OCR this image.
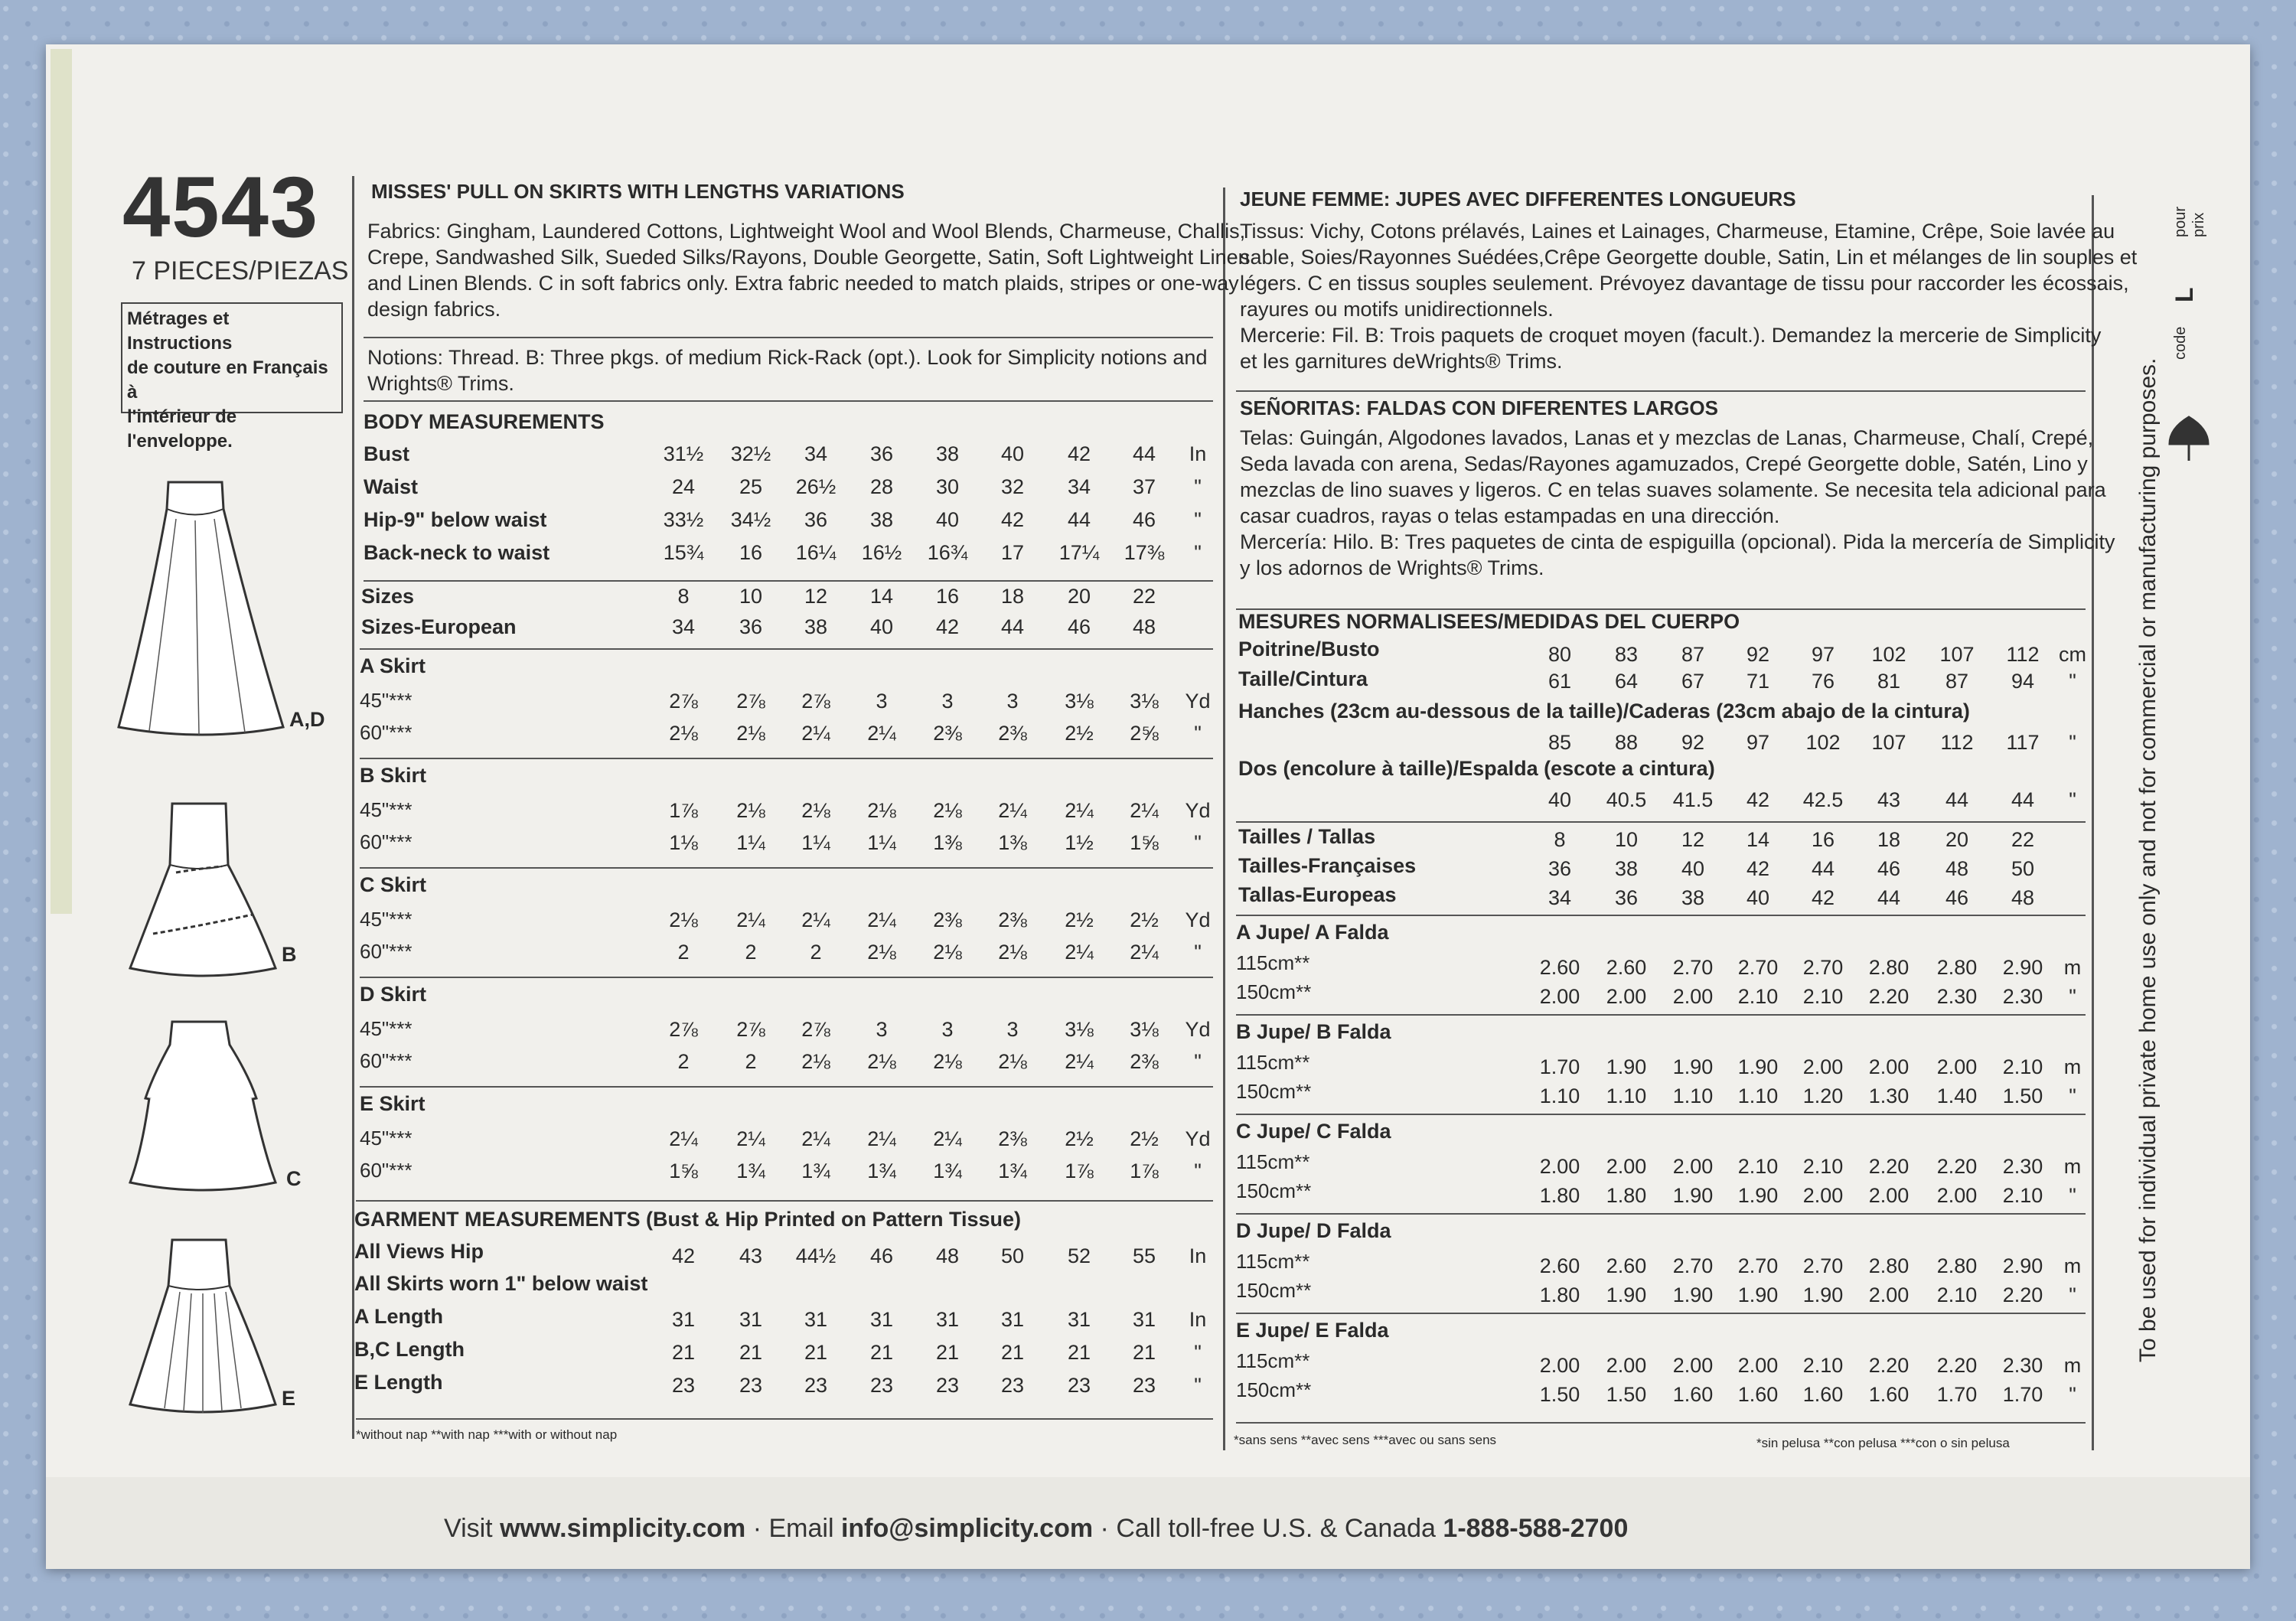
4543
7 PIECES/PIEZAS
Métrages et Instructions
de couture en Français à
l'intérieur de
l'enveloppe.
A,D
B
C
E
MISSES' PULL ON SKIRTS WITH LENGTHS VARIATIONS
Fabrics: Gingham, Laundered Cottons, Lightweight Wool and Wool Blends, Charmeuse, Challis,
Crepe, Sandwashed Silk, Sueded Silks/Rayons, Double Georgette, Satin, Soft Lightweight Linen
and Linen Blends. C in soft fabrics only. Extra fabric needed to match plaids, stripes or one-way
design fabrics.
Notions: Thread. B: Three pkgs. of medium Rick-Rack (opt.). Look for Simplicity notions and
Wrights® Trims.
*without nap **with nap ***with or without nap
JEUNE FEMME: JUPES AVEC DIFFERENTES LONGUEURS
Tissus: Vichy, Cotons prélavés, Laines et Lainages, Charmeuse, Etamine, Crêpe, Soie lavée au
sable, Soies/Rayonnes Suédées,Crêpe Georgette double, Satin, Lin et mélanges de lin souples et
légers. C en tissus souples seulement. Prévoyez davantage de tissu pour raccorder les écossais,
rayures ou motifs unidirectionnels.
Mercerie: Fil. B: Trois paquets de croquet moyen (facult.). Demandez la mercerie de Simplicity
et les garnitures deWrights® Trims.
SEÑORITAS: FALDAS CON DIFERENTES LARGOS
Telas: Guingán, Algodones lavados, Lanas et y mezclas de Lanas, Charmeuse, Chalí, Crepé,
Seda lavada con arena, Sedas/Rayones agamuzados, Crepé Georgette doble, Satén, Lino y
mezclas de lino suaves y ligeros. C en telas suaves solamente. Se necesita tela adicional para
casar cuadros, rayas o telas estampadas en una dirección.
Mercería: Hilo. B: Tres paquetes de cinta de espiguilla (opcional). Pida la mercería de Simplicity
y los adornos de Wrights® Trims.
*sans sens **avec sens ***avec ou sans sens	*sin pelusa **con pelusa ***con o sin pelusa
To be used for individual private home use only and not for commercial or manufacturing purposes.
pour prix
code
L
Visit www.simplicity.com · Email info@simplicity.com · Call toll-free U.S. & Canada 1-888-588-2700
BODY MEASUREMENTS
Bust	31½ 32½	34	36	38	40	42	44	In
Waist	24	25	26½	28	30	32	34	37	"
Hip-9" below waist	33½ 34½	36	38	40	42	44	46	"
Back-neck to waist	15¾	16	16¼ 16½ 16¾	17	17¼ 17⅜	"
Sizes	8	10	12	14	16	18	20	22
Sizes-European	34	36	38	40	42	44	46	48
A Skirt
45"***	2⅞	2⅞	2⅞	3	3	3	3⅛	3⅛	Yd
60"***	2⅛	2⅛	2¼	2¼	2⅜	2⅜	2½	2⅝	"
B Skirt
45"***	1⅞	2⅛	2⅛	2⅛	2⅛	2¼	2¼	2¼	Yd
60"***	1⅛	1¼	1¼	1¼	1⅜	1⅜	1½	1⅝	"
C Skirt
45"***	2⅛	2¼	2¼	2¼	2⅜	2⅜	2½	2½	Yd
60"***	2	2	2	2⅛	2⅛	2⅛	2¼	2¼	"
D Skirt
45"***	2⅞	2⅞	2⅞	3	3	3	3⅛	3⅛	Yd
60"***	2	2	2⅛	2⅛	2⅛	2⅛	2¼	2⅜	"
E Skirt
45"***	2¼	2¼	2¼	2¼	2¼	2⅜	2½	2½	Yd
60"***	1⅝	1¾	1¾	1¾	1¾	1¾	1⅞	1⅞	"
GARMENT MEASUREMENTS (Bust & Hip Printed on Pattern Tissue)
All Views Hip	42	43	44½	46	48	50	52	55	In
All Skirts worn 1" below waist
A Length	31	31	31	31	31	31	31	31	In
B,C Length	21	21	21	21	21	21	21	21	"
E Length	23	23	23	23	23	23	23	23	"
MESURES NORMALISEES/MEDIDAS DEL CUERPO
Poitrine/Busto	80	83	87	92	97	102 107	112 cm
Taille/Cintura	61	64	67	71	76	81	87	94	"
Hanches (23cm au-dessous de la taille)/Caderas (23cm abajo de la cintura)
85	88	92	97	102 107	112	117	"
Dos (encolure à taille)/Espalda (escote a cintura)
40	40.5 41.5	42	42.5	43	44	44	"
Tailles / Tallas	8	10	12	14	16	18	20	22
Tailles-Françaises	36	38	40	42	44	46	48	50
Tallas-Europeas	34	36	38	40	42	44	46	48
A Jupe/ A Falda
115cm**	2.60 2.60 2.70 2.70 2.70 2.80 2.80 2.90	m
150cm**	2.00 2.00 2.00 2.10 2.10 2.20 2.30 2.30	"
B Jupe/ B Falda
115cm**	1.70 1.90 1.90 1.90 2.00 2.00 2.00 2.10	m
150cm**	1.10 1.10 1.10 1.10 1.20 1.30 1.40 1.50	"
C Jupe/ C Falda
115cm**	2.00 2.00 2.00 2.10 2.10 2.20 2.20 2.30	m
150cm**	1.80 1.80 1.90 1.90 2.00 2.00 2.00 2.10	"
D Jupe/ D Falda
115cm**	2.60 2.60 2.70 2.70 2.70 2.80 2.80 2.90	m
150cm**	1.80 1.90 1.90 1.90 1.90 2.00 2.10 2.20	"
E Jupe/ E Falda
115cm**	2.00 2.00 2.00 2.00 2.10 2.20 2.20 2.30	m
150cm**	1.50 1.50 1.60 1.60 1.60 1.60 1.70 1.70	"
